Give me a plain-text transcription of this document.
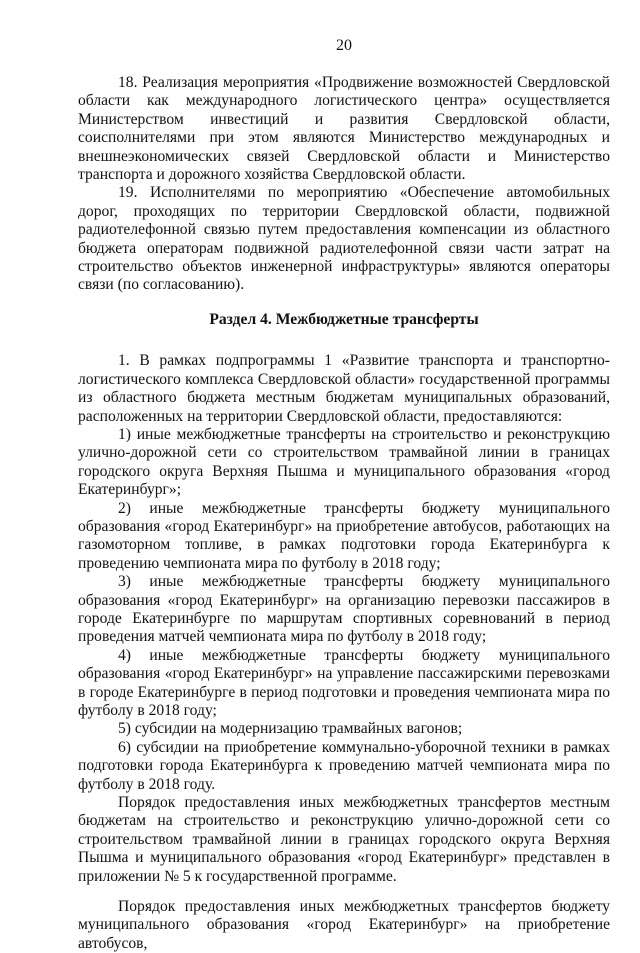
20

18. Реализация мероприятия «Продвижение возможностей Свердловской области как международного логистического центра» осуществляется Министерством инвестиций и развития Свердловской области, соисполнителями при этом являются Министерство международных и внешнеэкономических связей Свердловской области и Министерство транспорта и дорожного хозяйства Свердловской области.

19. Исполнителями по мероприятию «Обеспечение автомобильных дорог, проходящих по территории Свердловской области, подвижной радиотелефонной связью путем предоставления компенсации из областного бюджета операторам подвижной радиотелефонной связи части затрат на строительство объектов инженерной инфраструктуры» являются операторы связи (по согласованию).

Раздел 4. Межбюджетные трансферты

1. В рамках подпрограммы 1 «Развитие транспорта и транспортно-логистического комплекса Свердловской области» государственной программы из областного бюджета местным бюджетам муниципальных образований, расположенных на территории Свердловской области, предоставляются:

1) иные межбюджетные трансферты на строительство и реконструкцию улично-дорожной сети со строительством трамвайной линии в границах городского округа Верхняя Пышма и муниципального образования «город Екатеринбург»;

2) иные межбюджетные трансферты бюджету муниципального образования «город Екатеринбург» на приобретение автобусов, работающих на газомоторном топливе, в рамках подготовки города Екатеринбурга к проведению чемпионата мира по футболу в 2018 году;

3) иные межбюджетные трансферты бюджету муниципального образования «город Екатеринбург» на организацию перевозки пассажиров в городе Екатеринбурге по маршрутам спортивных соревнований в период проведения матчей чемпионата мира по футболу в 2018 году;

4) иные межбюджетные трансферты бюджету муниципального образования «город Екатеринбург» на управление пассажирскими перевозками в городе Екатеринбурге в период подготовки и проведения чемпионата мира по футболу в 2018 году;

5) субсидии на модернизацию трамвайных вагонов;

6) субсидии на приобретение коммунально-уборочной техники в рамках подготовки города Екатеринбурга к проведению матчей чемпионата мира по футболу в 2018 году.

Порядок предоставления иных межбюджетных трансфертов местным бюджетам на строительство и реконструкцию улично-дорожной сети со строительством трамвайной линии в границах городского округа Верхняя Пышма и муниципального образования «город Екатеринбург» представлен в приложении № 5 к государственной программе.

Порядок предоставления иных межбюджетных трансфертов бюджету муниципального образования «город Екатеринбург» на приобретение автобусов,
